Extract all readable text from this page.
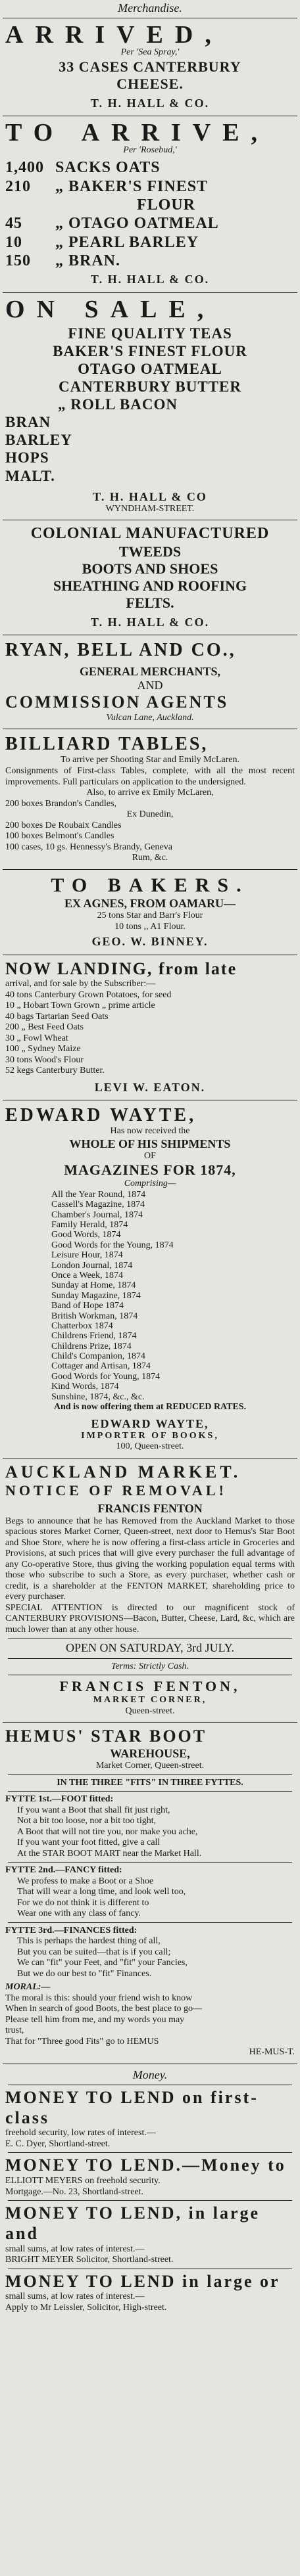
Merchandise.
ARRIVED,
Per 'Sea Spray,'
33 CASES CANTERBURY
CHEESE.
T. H. HALL & CO.
TO ARRIVE,
Per 'Rosebud,'
1,400 SACKS OATS
210	„ BAKER'S FINEST
FLOUR
45	„ OTAGO OATMEAL
10	„ PEARL BARLEY
150	„ BRAN.
T. H. HALL & CO.
ON SALE,
FINE QUALITY TEAS
BAKER'S FINEST FLOUR
OTAGO OATMEAL
CANTERBURY BUTTER
„ ROLL BACON
BRAN
BARLEY
HOPS
MALT.
T. H. HALL & CO
WYNDHAM-STREET.
COLONIAL MANUFACTURED
TWEEDS
BOOTS AND SHOES
SHEATHING AND ROOFING
FELTS.
T. H. HALL & CO.
RYAN, BELL AND CO.,
GENERAL MERCHANTS,
AND
COMMISSION AGENTS
Vulcan Lane, Auckland.
BILLIARD TABLES,
To arrive per Shooting Star and Emily McLaren.
Consignments of First-class Tables, complete, with all the most recent improvements. Full particulars on application to the undersigned.
Also, to arrive ex Emily McLaren,
200 boxes Brandon's Candles,
Ex Dunedin,
200 boxes De Roubaix Candles
100 boxes Belmont's Candles
100 cases, 10 gs. Hennessy's Brandy, Geneva
Rum, &c.
TO BAKERS.
EX AGNES, FROM OAMARU—
25 tons Star and Barr's Flour
10 tons ,, A1 Flour.
GEO. W. BINNEY.
NOW LANDING, from late
arrival, and for sale by the Subscriber:—
40 tons Canterbury Grown Potatoes, for seed
10 „ Hobart Town Grown „ prime article
40 bags Tartarian Seed Oats
200 „ Best Feed Oats
30 „ Fowl Wheat
100 „ Sydney Maize
30 tons Wood's Flour
52 kegs Canterbury Butter.
LEVI W. EATON.
EDWARD WAYTE,
Has now received the
WHOLE OF HIS SHIPMENTS
OF
MAGAZINES FOR 1874,
Comprising—
All the Year Round, 1874
Cassell's Magazine, 1874
Chamber's Journal, 1874
Family Herald, 1874
Good Words, 1874
Good Words for the Young, 1874
Leisure Hour, 1874
London Journal, 1874
Once a Week, 1874
Sunday at Home, 1874
Sunday Magazine, 1874
Band of Hope 1874
British Workman, 1874
Chatterbox 1874
Childrens Friend, 1874
Childrens Prize, 1874
Child's Companion, 1874
Cottager and Artisan, 1874
Good Words for Young, 1874
Kind Words, 1874
Sunshine, 1874, &c., &c.
And is now offering them at REDUCED RATES.
EDWARD WAYTE,
IMPORTER OF BOOKS,
100, Queen-street.
AUCKLAND MARKET.
NOTICE OF REMOVAL!
FRANCIS FENTON
Begs to announce that he has Removed from the Auckland Market to those spacious stores Market Corner, Queen-street, next door to Hemus's Star Boot and Shoe Store, where he is now offering a first-class article in Groceries and Provisions, at such prices that will give every purchaser the full advantage of any Co-operative Store, thus giving the working population equal terms with those who subscribe to such a Store, as every purchaser, whether cash or credit, is a shareholder at the FENTON MARKET, shareholding price to every purchaser.
SPECIAL ATTENTION is directed to our magnificent stock of CANTERBURY PROVISIONS—Bacon, Butter, Cheese, Lard, &c, which are much lower than at any other house.
OPEN ON SATURDAY, 3rd JULY.
Terms: Strictly Cash.
FRANCIS FENTON,
MARKET CORNER,
Queen-street.
HEMUS' STAR BOOT
WAREHOUSE,
Market Corner, Queen-street.
IN THE THREE "FITS" IN THREE FYTTES.
FYTTE 1st.—FOOT fitted:
If you want a Boot that shall fit just right,
Not a bit too loose, nor a bit too tight,
A Boot that will not tire you, nor make you ache,
If you want your foot fitted, give a call
At the STAR BOOT MART near the Market Hall.
FYTTE 2nd.—FANCY fitted:
We profess to make a Boot or a Shoe
That will wear a long time, and look well too,
For we do not think it is different to
Wear one with any class of fancy.
FYTTE 3rd.—FINANCES fitted:
This is perhaps the hardest thing of all,
But you can be suited—that is if you call;
We can "fit" your Feet, and "fit" your Fancies,
But we do our best to "fit" Finances.
MORAL:—
The moral is this: should your friend wish to know
When in search of good Boots, the best place to go—
Please tell him from me, and my words you may
trust,
That for "Three good Fits" go to HEMUS
HE-MUS-T.
Money.
MONEY TO LEND on first-class
freehold security, low rates of interest.—
E. C. Dyer, Shortland-street.
MONEY TO LEND.—Money to
ELLIOTT MEYERS on freehold security.
Mortgage.—No. 23, Shortland-street.
MONEY TO LEND, in large and
small sums, at low rates of interest.—
BRIGHT MEYER Solicitor, Shortland-street.
MONEY TO LEND in large or
small sums, at low rates of interest.—
Apply to Mr Leissler, Solicitor, High-street.
